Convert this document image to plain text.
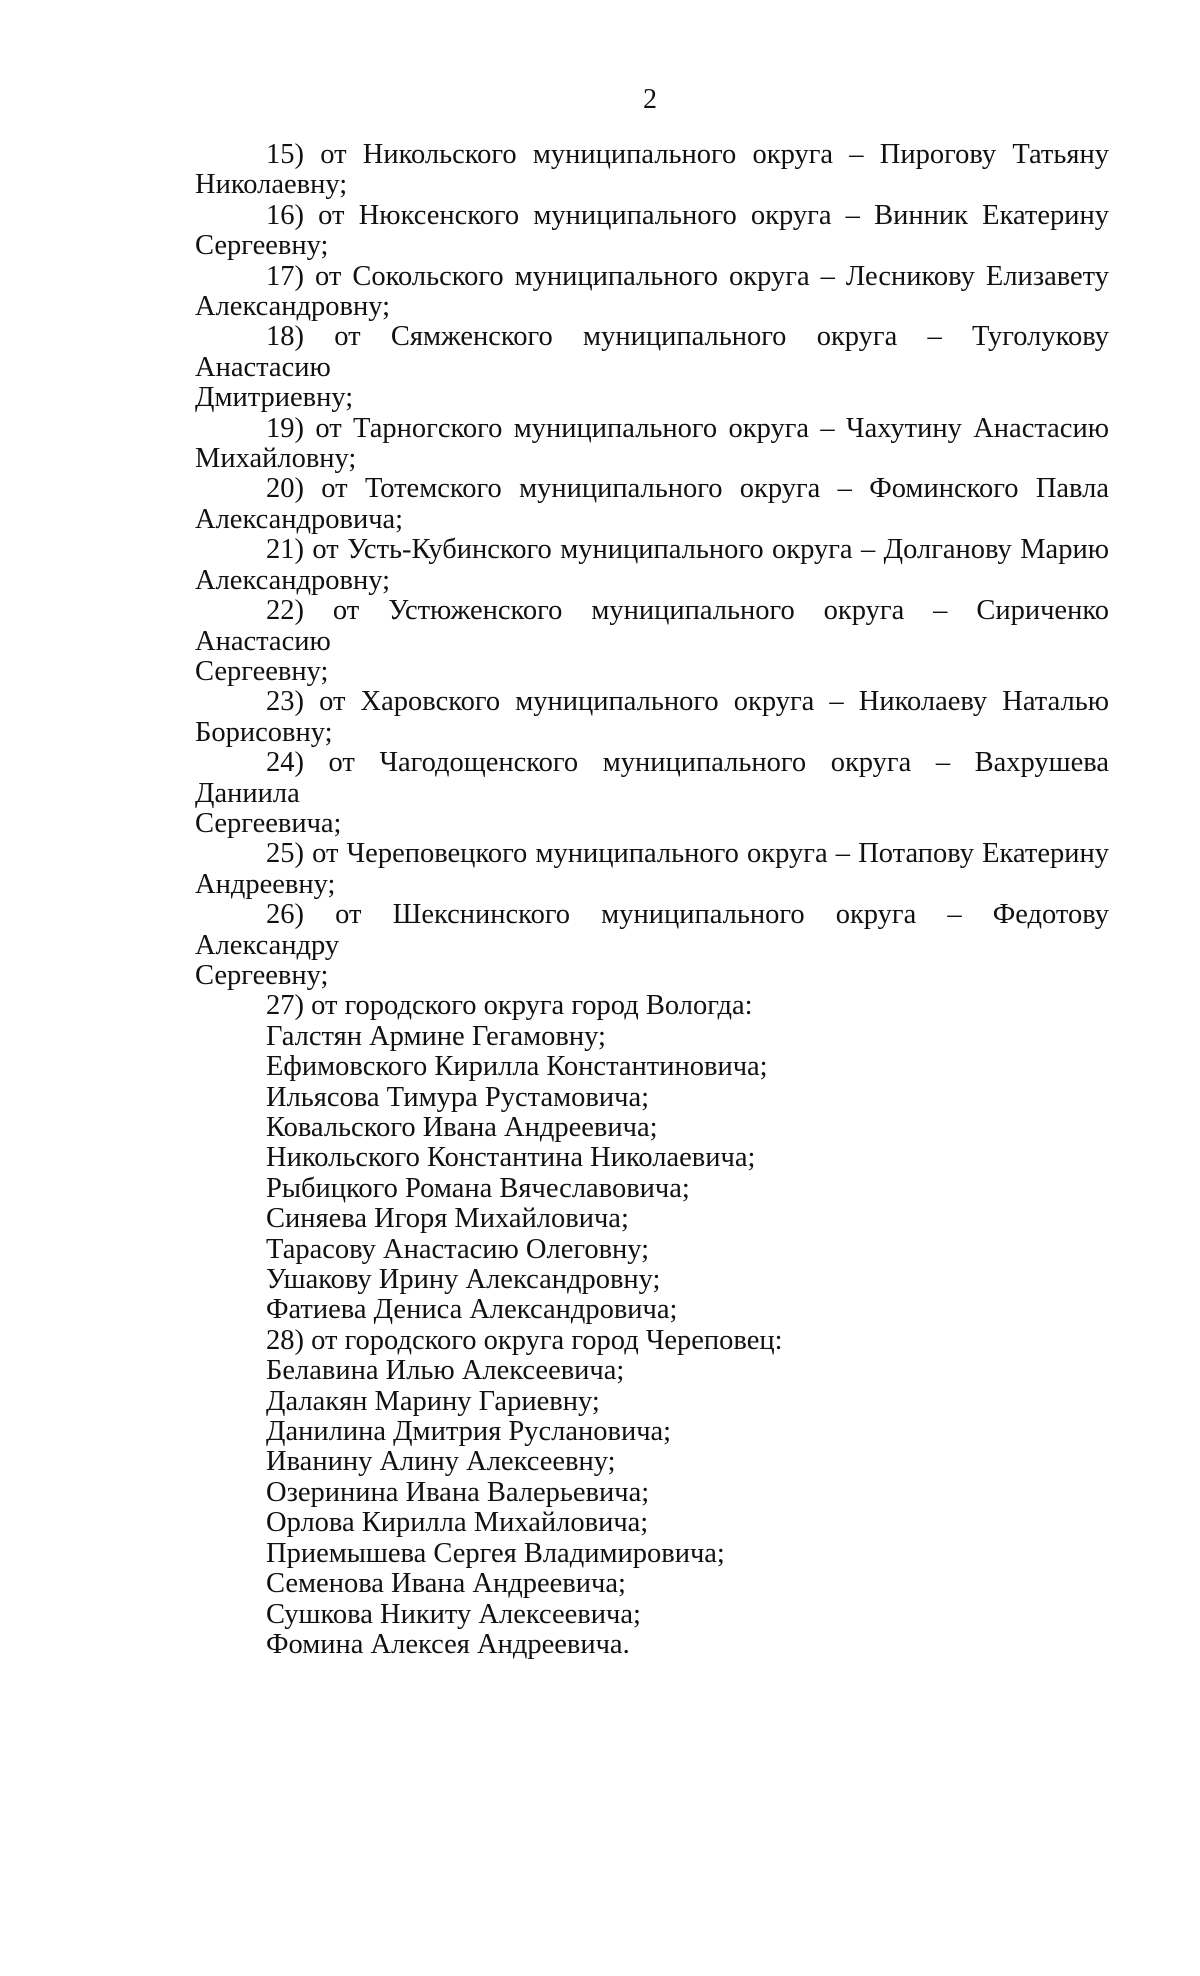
2
15) от Никольского муниципального округа – Пирогову Татьяну
Николаевну;
16) от Нюксенского муниципального округа – Винник Екатерину
Сергеевну;
17) от Сокольского муниципального округа – Лесникову Елизавету
Александровну;
18) от Сямженского муниципального округа – Туголукову Анастасию
Дмитриевну;
19) от Тарногского муниципального округа – Чахутину Анастасию
Михайловну;
20) от Тотемского муниципального округа – Фоминского Павла
Александровича;
21) от Усть-Кубинского муниципального округа – Долганову Марию
Александровну;
22) от Устюженского муниципального округа – Сириченко Анастасию
Сергеевну;
23) от Харовского муниципального округа – Николаеву Наталью
Борисовну;
24) от Чагодощенского муниципального округа – Вахрушева Даниила
Сергеевича;
25) от Череповецкого муниципального округа – Потапову Екатерину
Андреевну;
26) от Шекснинского муниципального округа – Федотову Александру
Сергеевну;
27) от городского округа город Вологда:
Галстян Армине Гегамовну;
Ефимовского Кирилла Константиновича;
Ильясова Тимура Рустамовича;
Ковальского Ивана Андреевича;
Никольского Константина Николаевича;
Рыбицкого Романа Вячеславовича;
Синяева Игоря Михайловича;
Тарасову Анастасию Олеговну;
Ушакову Ирину Александровну;
Фатиева Дениса Александровича;
28) от городского округа город Череповец:
Белавина Илью Алексеевича;
Далакян Марину Гариевну;
Данилина Дмитрия Руслановича;
Иванину Алину Алексеевну;
Озеринина Ивана Валерьевича;
Орлова Кирилла Михайловича;
Приемышева Сергея Владимировича;
Семенова Ивана Андреевича;
Сушкова Никиту Алексеевича;
Фомина Алексея Андреевича.
